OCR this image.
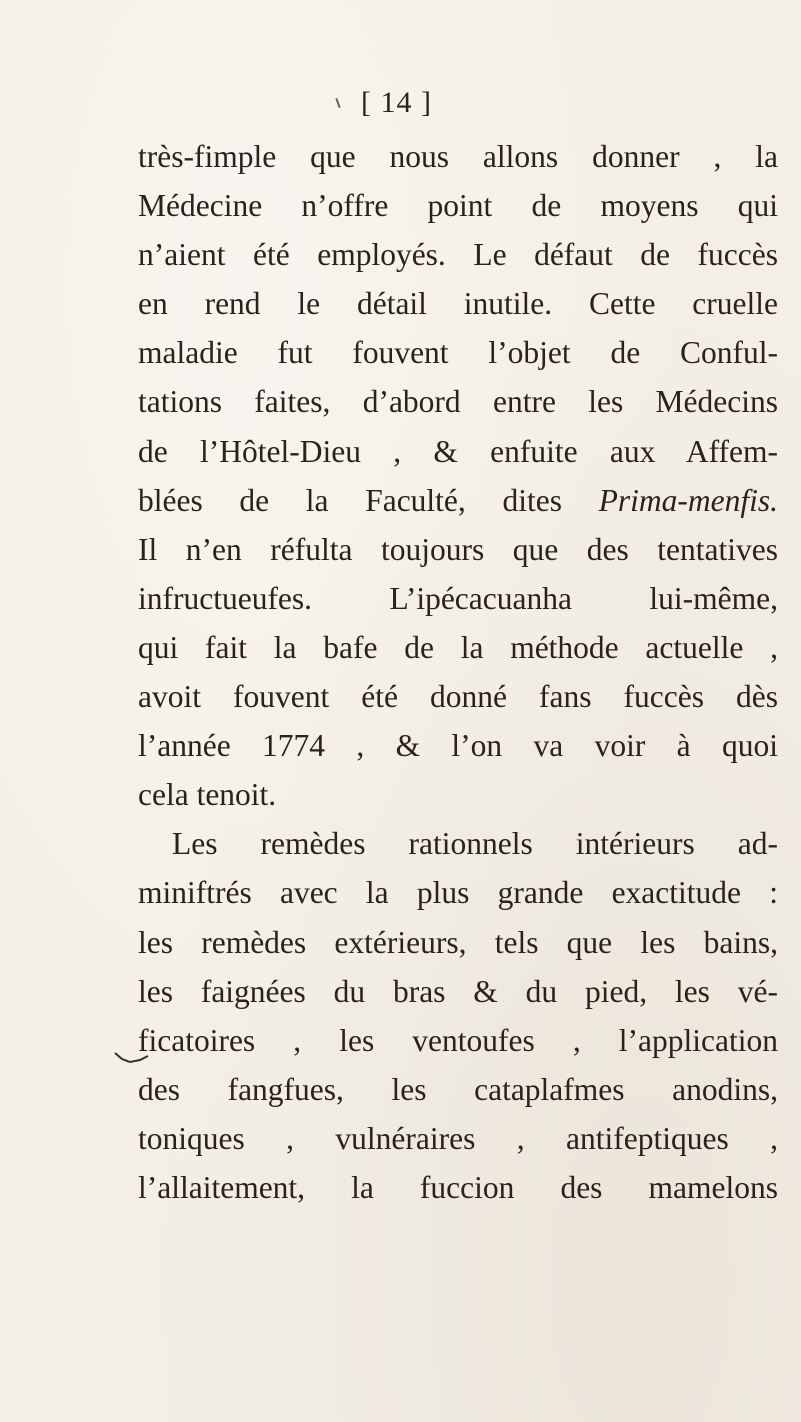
[ 14 ]
très-fimple que nous allons donner , la
Médecine n’offre point de moyens qui
n’aient été employés. Le défaut de fuccès
en rend le détail inutile. Cette cruelle
maladie fut fouvent l’objet de Conful-
tations faites, d’abord entre les Médecins
de l’Hôtel-Dieu , & enfuite aux Affem-
blées de la Faculté, dites Prima-menfis.
Il n’en réfulta toujours que des tentatives
infructueufes. L’ipécacuanha lui-même,
qui fait la bafe de la méthode actuelle ,
avoit fouvent été donné fans fuccès dès
l’année 1774 , & l’on va voir à quoi
cela tenoit.
Les remèdes rationnels intérieurs ad-
miniftrés avec la plus grande exactitude :
les remèdes extérieurs, tels que les bains,
les faignées du bras & du pied, les vé-
ficatoires , les ventoufes , l’application
des fangfues, les cataplafmes anodins,
toniques , vulnéraires , antifeptiques ,
l’allaitement, la fuccion des mamelons
